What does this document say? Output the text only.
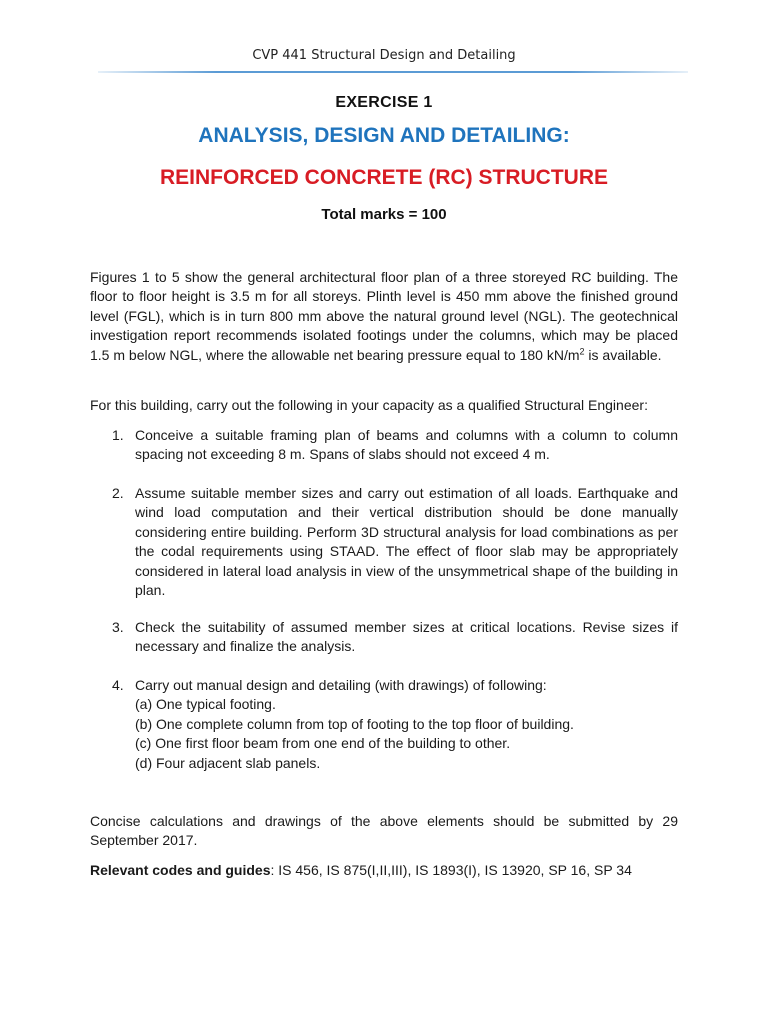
CVP 441 Structural Design and Detailing
EXERCISE 1
ANALYSIS, DESIGN AND DETAILING:
REINFORCED CONCRETE (RC) STRUCTURE
Total marks = 100
Figures 1 to 5 show the general architectural floor plan of a three storeyed RC building. The floor to floor height is 3.5 m for all storeys. Plinth level is 450 mm above the finished ground level (FGL), which is in turn 800 mm above the natural ground level (NGL). The geotechnical investigation report recommends isolated footings under the columns, which may be placed 1.5 m below NGL, where the allowable net bearing pressure equal to 180 $kN/m^2$ is available.
For this building, carry out the following in your capacity as a qualified Structural Engineer:
1. Conceive a suitable framing plan of beams and columns with a column to column spacing not exceeding 8 m. Spans of slabs should not exceed 4 m.
2. Assume suitable member sizes and carry out estimation of all loads. Earthquake and wind load computation and their vertical distribution should be done manually considering entire building. Perform 3D structural analysis for load combinations as per the codal requirements using STAAD. The effect of floor slab may be appropriately considered in lateral load analysis in view of the unsymmetrical shape of the building in plan.
3. Check the suitability of assumed member sizes at critical locations. Revise sizes if necessary and finalize the analysis.
4. Carry out manual design and detailing (with drawings) of following:
(a) One typical footing.
(b) One complete column from top of footing to the top floor of building.
(c) One first floor beam from one end of the building to other.
(d) Four adjacent slab panels.
Concise calculations and drawings of the above elements should be submitted by 29 September 2017.
Relevant codes and guides: IS 456, IS 875(I,II,III), IS 1893(I), IS 13920, SP 16, SP 34
